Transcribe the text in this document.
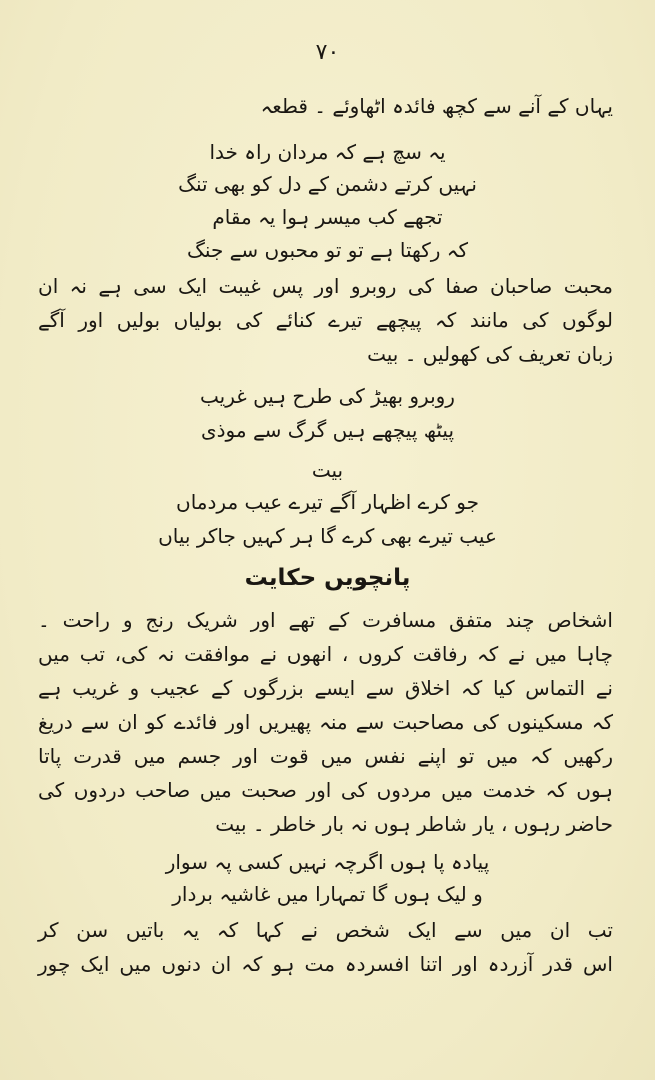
۷۰
یہاں کے آنے سے کچھ فائدہ اٹھاوئے ۔ قطعہ
یہ سچ ہے کہ مردان راہ خدا
نہیں کرتے دشمن کے دل کو بھی تنگ
تجھے کب میسر ہوا یہ مقام
کہ رکھتا ہے تو تو محبوں سے جنگ
محبت صاحبان صفا کی روبرو اور پس غیبت ایک سی ہے نہ ان
لوگوں کی مانند کہ پیچھے تیرے کنائے کی بولیاں بولیں اور آگے
زبان تعریف کی کھولیں ۔ بیت
روبرو بھیڑ کی طرح ہیں غریب
پیٹھ پیچھے ہیں گرگ سے موذی
بیت
جو کرے اظہار آگے تیرے عیب مردماں
عیب تیرے بھی کرے گا ہر کہیں جاکر بیاں
پانچویں حکایت
اشخاص چند متفق مسافرت کے تھے اور شریک رنج و راحت ۔
چاہا میں نے کہ رفاقت کروں ، انھوں نے موافقت نہ کی، تب میں
نے التماس کیا کہ اخلاق سے ایسے بزرگوں کے عجیب و غریب ہے
کہ مسکینوں کی مصاحبت سے منہ پھیریں اور فائدے کو ان سے دریغ
رکھیں کہ میں تو اپنے نفس میں قوت اور جسم میں قدرت پاتا
ہوں کہ خدمت میں مردوں کی اور صحبت میں صاحب دردوں کی
حاضر رہوں ، یار شاطر ہوں نہ بار خاطر ۔ بیت
پیادہ پا ہوں اگرچہ نہیں کسی پہ سوار
و لیک ہوں گا تمہارا میں غاشیہ بردار
تب ان میں سے ایک شخص نے کہا کہ یہ باتیں سن کر
اس قدر آزردہ اور اتنا افسردہ مت ہو کہ ان دنوں میں ایک چور
